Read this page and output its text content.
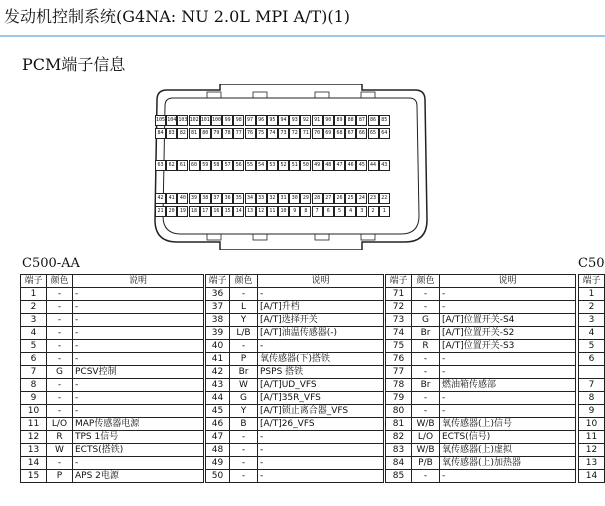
发动机控制系统(G4NA: NU 2.0L MPI A/T)(1)
PCM端子信息
105 104 103 102 101 100 99	98	97	96	95	94	93	92	91	90	89	88	87	86	85
84	83	82	81	80	79	78	77	76	75	74	73	72	71	70	69	68	67	66	65	64
63	62	61	60	59	58	57	56	55	54	53	52	51	50	49	48	47	46	45	44	43
42	41	40	39	38	37	36	35	34	33	32	31	30	29	28	27	26	25	24	23	22
21	20	19	18	17	16	15	14	13	12	11	10	9	8	7	6	5	4	3	2	1
C500-AA	C50
端子	颜色	说明
1	-	-
2	-	-
3	-	-
4	-	-
5	-	-
6	-	-
7	G	PCSV控制
8	-	-
9	-	-
10	-	-
11	L/O	MAP传感器电源
12	R	TPS 1信号
13	W	ECTS(搭铁)
14	-	-
15	P	APS 2电源
端子	颜色	说明
36	-	-
37	L	[A/T]升档
38	Y	[A/T]选择开关
39	L/B	[A/T]油温传感器(-)
40	-	-
41	P	氧传感器(下)搭铁
42	Br	PSPS 搭铁
43	W	[A/T]UD_VFS
44	G	[A/T]35R_VFS
45	Y	[A/T]锁止离合器_VFS
46	B	[A/T]26_VFS
47	-	-
48	-	-
49	-	-
50	-	-
端子	颜色	说明
71	-	-
72	-	-
73	G	[A/T]位置开关-S4
74	Br	[A/T]位置开关-S2
75	R	[A/T]位置开关-S3
76	-	-
77	-	-
78	Br	燃油箱传感部
79	-	-
80	-	-
81	W/B	氧传感器(上)信号
82	L/O	ECTS(信号)
83	W/B	氧传感器(上)虚拟
84	P/B	氧传感器(上)加热器
85	-	-
端子	
1	
2	
3	
4	
5	
6	

7	
8	
9	
10	
11	
12	
13	
14	
